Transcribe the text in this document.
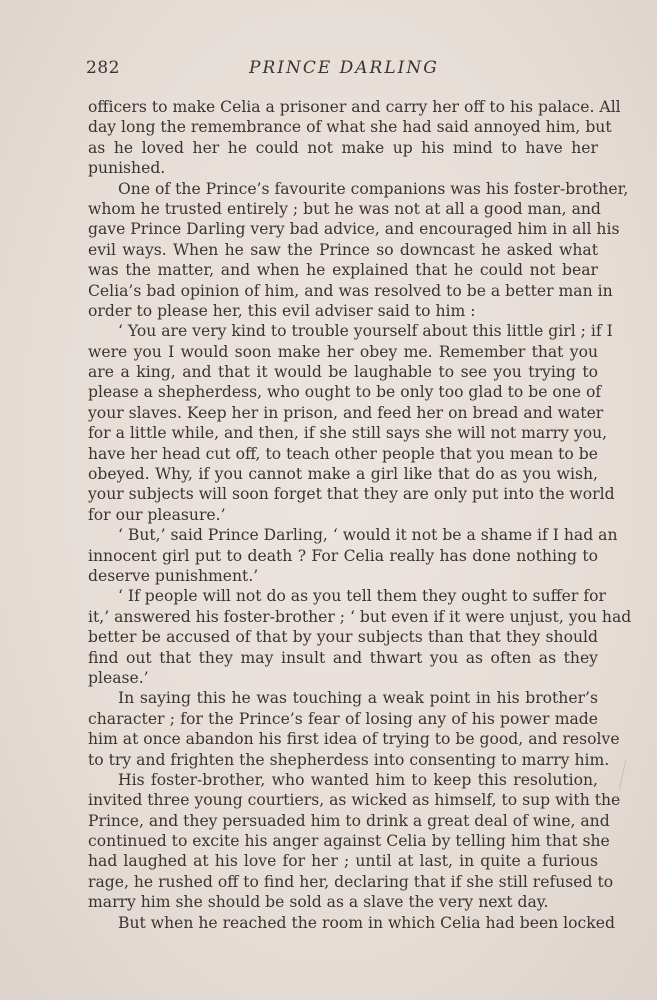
282	PRINCE DARLING
officers to make Celia a prisoner and carry her off to his palace. All
day long the remembrance of what she had said annoyed him, but
as he loved her he could not make up his mind to have her
punished.
One of the Prince’s favourite companions was his foster-brother,
whom he trusted entirely ; but he was not at all a good man, and
gave Prince Darling very bad advice, and encouraged him in all his
evil ways. When he saw the Prince so downcast he asked what
was the matter, and when he explained that he could not bear
Celia’s bad opinion of him, and was resolved to be a better man in
order to please her, this evil adviser said to him :
‘ You are very kind to trouble yourself about this little girl ; if I
were you I would soon make her obey me. Remember that you
are a king, and that it would be laughable to see you trying to
please a shepherdess, who ought to be only too glad to be one of
your slaves. Keep her in prison, and feed her on bread and water
for a little while, and then, if she still says she will not marry you,
have her head cut off, to teach other people that you mean to be
obeyed. Why, if you cannot make a girl like that do as you wish,
your subjects will soon forget that they are only put into the world
for our pleasure.’
‘ But,’ said Prince Darling, ‘ would it not be a shame if I had an
innocent girl put to death ? For Celia really has done nothing to
deserve punishment.’
‘ If people will not do as you tell them they ought to suffer for
it,’ answered his foster-brother ; ‘ but even if it were unjust, you had
better be accused of that by your subjects than that they should
find out that they may insult and thwart you as often as they
please.’
In saying this he was touching a weak point in his brother’s
character ; for the Prince’s fear of losing any of his power made
him at once abandon his first idea of trying to be good, and resolve
to try and frighten the shepherdess into consenting to marry him.
His foster-brother, who wanted him to keep this resolution,
invited three young courtiers, as wicked as himself, to sup with the
Prince, and they persuaded him to drink a great deal of wine, and
continued to excite his anger against Celia by telling him that she
had laughed at his love for her ; until at last, in quite a furious
rage, he rushed off to find her, declaring that if she still refused to
marry him she should be sold as a slave the very next day.
But when he reached the room in which Celia had been locked
